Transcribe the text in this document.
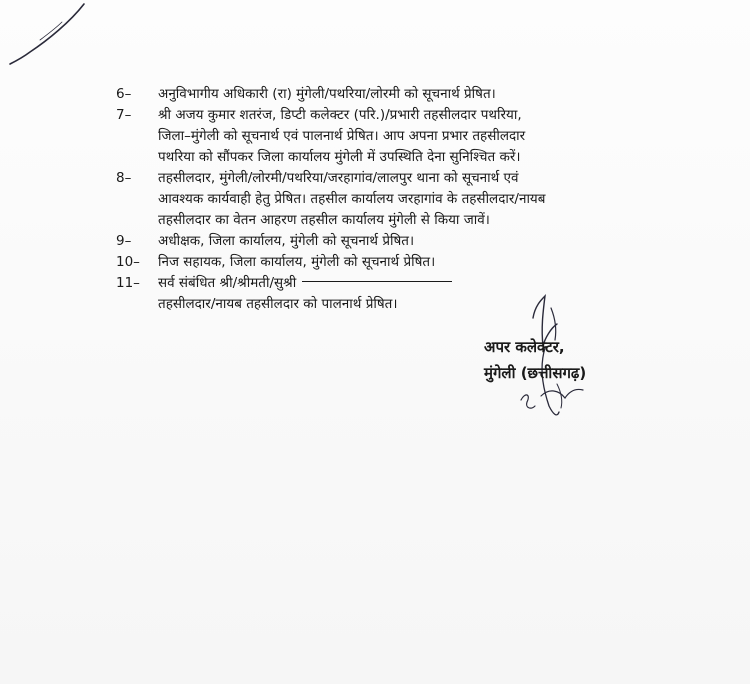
6–	अनुविभागीय अधिकारी (रा) मुंगेली/पथरिया/लोरमी को सूचनार्थ प्रेषित।
7–	श्री अजय कुमार शतरंज, डिप्टी कलेक्टर (परि.)/प्रभारी तहसीलदार पथरिया,
जिला–मुंगेली को सूचनार्थ एवं पालनार्थ प्रेषित। आप अपना प्रभार तहसीलदार
पथरिया को सौंपकर जिला कार्यालय मुंगेली में उपस्थिति देना सुनिश्चित करें।
8–	तहसीलदार, मुंगेली/लोरमी/पथरिया/जरहागांव/लालपुर थाना को सूचनार्थ एवं
आवश्यक कार्यवाही हेतु प्रेषित। तहसील कार्यालय जरहागांव के तहसीलदार/नायब
तहसीलदार का वेतन आहरण तहसील कार्यालय मुंगेली से किया जावें।
9–	अधीक्षक, जिला कार्यालय, मुंगेली को सूचनार्थ प्रेषित।
10–	निज सहायक, जिला कार्यालय, मुंगेली को सूचनार्थ प्रेषित।
11–	सर्व संबंधित श्री/श्रीमती/सुश्री
तहसीलदार/नायब तहसीलदार को पालनार्थ प्रेषित।
अपर कलेक्टर,
मुंगेली (छत्तीसगढ़)
